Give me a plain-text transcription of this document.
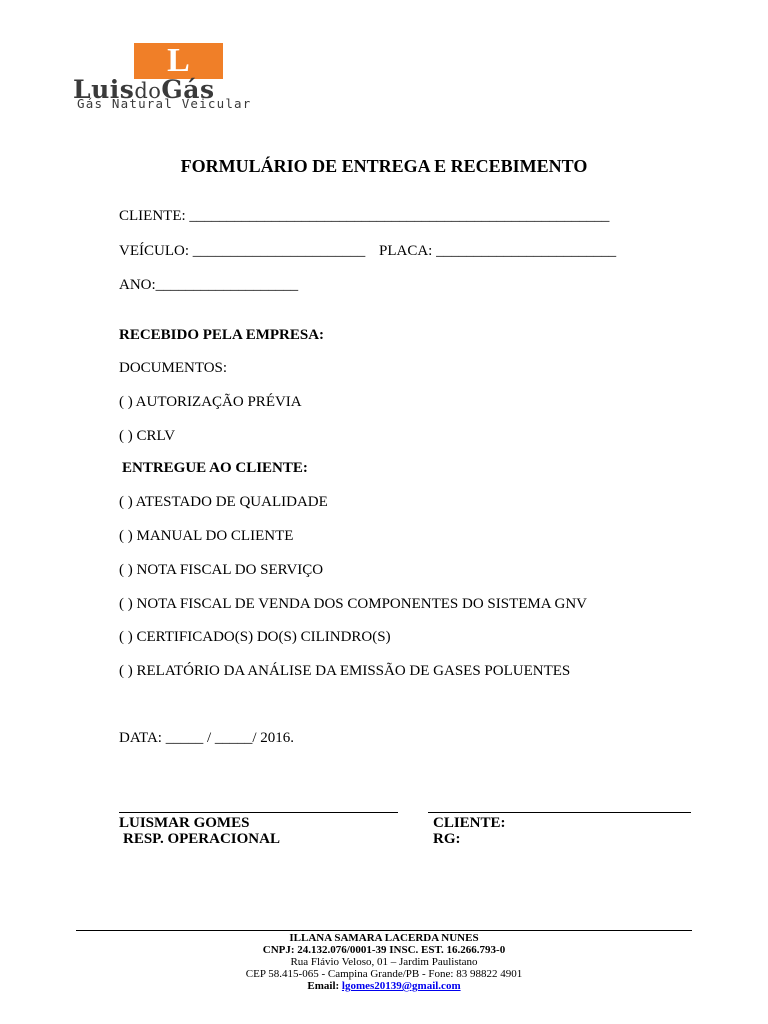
L
LuisdoGás
Gás Natural Veicular
FORMULÁRIO DE ENTREGA E RECEBIMENTO
CLIENTE: ________________________________________________________
VEÍCULO: _______________________ PLACA: ________________________
ANO:___________________
RECEBIDO PELA EMPRESA:
DOCUMENTOS:
( ) AUTORIZAÇÃO PRÉVIA
( ) CRLV
ENTREGUE AO CLIENTE:
( ) ATESTADO DE QUALIDADE
( ) MANUAL DO CLIENTE
( ) NOTA FISCAL DO SERVIÇO
( ) NOTA FISCAL DE VENDA DOS COMPONENTES DO SISTEMA GNV
( ) CERTIFICADO(S) DO(S) CILINDRO(S)
( ) RELATÓRIO DA ANÁLISE DA EMISSÃO DE GASES POLUENTES
DATA: _____ / _____/ 2016.
LUISMAR GOMES
RESP. OPERACIONAL
CLIENTE:
RG:
ILLANA SAMARA LACERDA NUNES
CNPJ: 24.132.076/0001-39 INSC. EST. 16.266.793-0
Rua Flávio Veloso, 01 – Jardim Paulistano
CEP 58.415-065 - Campina Grande/PB - Fone: 83 98822 4901
Email: lgomes20139@gmail.com
